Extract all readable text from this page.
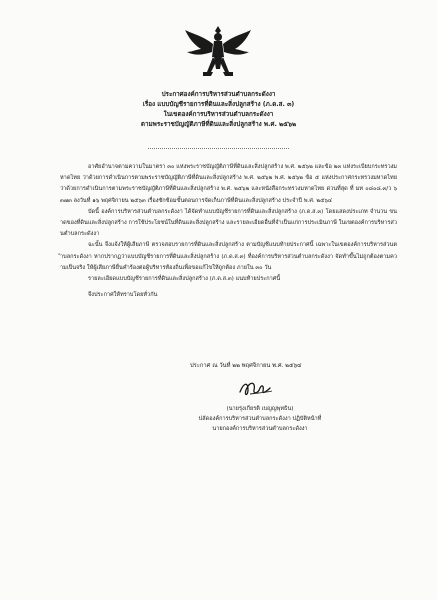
ประกาศองค์การบริหารส่วนตำบลกระดังงา
เรื่อง แบบบัญชีรายการที่ดินและสิ่งปลูกสร้าง (ภ.ด.ส. ๓)
ในเขตองค์การบริหารส่วนตำบลกระดังงา
ตามพระราชบัญญัติภาษีที่ดินและสิ่งปลูกสร้าง พ.ศ. ๒๕๖๒

อาศัยอำนาจตามความในมาตรา ๓๐ แห่งพระราชบัญญัติภาษีที่ดินและสิ่งปลูกสร้าง พ.ศ. ๒๕๖๒ และข้อ ๒๓ แห่งระเบียบกระทรวงมหาดไทย ว่าด้วยการดำเนินการตามพระราชบัญญัติภาษีที่ดินและสิ่งปลูกสร้าง พ.ศ. ๒๕๖๒ พ.ศ. ๒๕๖๒ ข้อ ๕ แห่งประกาศกระทรวงมหาดไทย ว่าด้วยการดำเนินการตามพระราชบัญญัติภาษีที่ดินและสิ่งปลูกสร้าง พ.ศ. ๒๕๖๒ และหนังสือกระทรวงมหาดไทย ด่วนที่สุด ที่ มท ๐๘๐๘.๓/ว ๖๓๗๓ ลงวันที่ ๑๖ พฤศจิกายน ๒๕๖๓ เรื่องซักซ้อมขั้นตอนการจัดเก็บภาษีที่ดินและสิ่งปลูกสร้าง ประจำปี พ.ศ. ๒๕๖๔

บัดนี้ องค์การบริหารส่วนตำบลกระดังงา ได้จัดทำแบบบัญชีรายการที่ดินและสิ่งปลูกสร้าง (ภ.ด.ส.๓) โดยแสดงประเภท จำนวน ขนาดของที่ดินและสิ่งปลูกสร้าง การใช้ประโยชน์ในที่ดินและสิ่งปลูกสร้าง และรายละเอียดอื่นที่จำเป็นแก่การประเมินภาษี ในเขตองค์การบริหารส่วนตำบลกระดังงา

ฉะนั้น จึงแจ้งให้ผู้เสียภาษี ตรวจสอบรายการที่ดินและสิ่งปลูกสร้าง ตามบัญชีแนบท้ายประกาศนี้ เฉพาะในเขตองค์การบริหารส่วนตำบลกระดังงา หากปรากฏว่าแบบบัญชีรายการที่ดินและสิ่งปลูกสร้าง (ภ.ด.ส.๓) ที่องค์การบริหารส่วนตำบลกระดังงา จัดทำขึ้นไม่ถูกต้องตามความเป็นจริง ให้ผู้เสียภาษียื่นคำร้องต่อผู้บริหารท้องถิ่นเพื่อขอแก้ไขให้ถูกต้อง ภายใน ๓๐ วัน

รายละเอียดแบบบัญชีรายการที่ดินและสิ่งปลูกสร้าง (ภ.ด.ส.๓) แนบท้ายประกาศนี้

จึงประกาศให้ทราบโดยทั่วกัน

ประกาศ ณ วันที่ ๒๒ พฤศจิกายน พ.ศ. ๒๕๖๔
(นายรุ่งเกียรติ เบญญพุทธิน)
ปลัดองค์การบริหารส่วนตำบลกระดังงา ปฏิบัติหน้าที่
นายกองค์การบริหารส่วนตำบลกระดังงา
